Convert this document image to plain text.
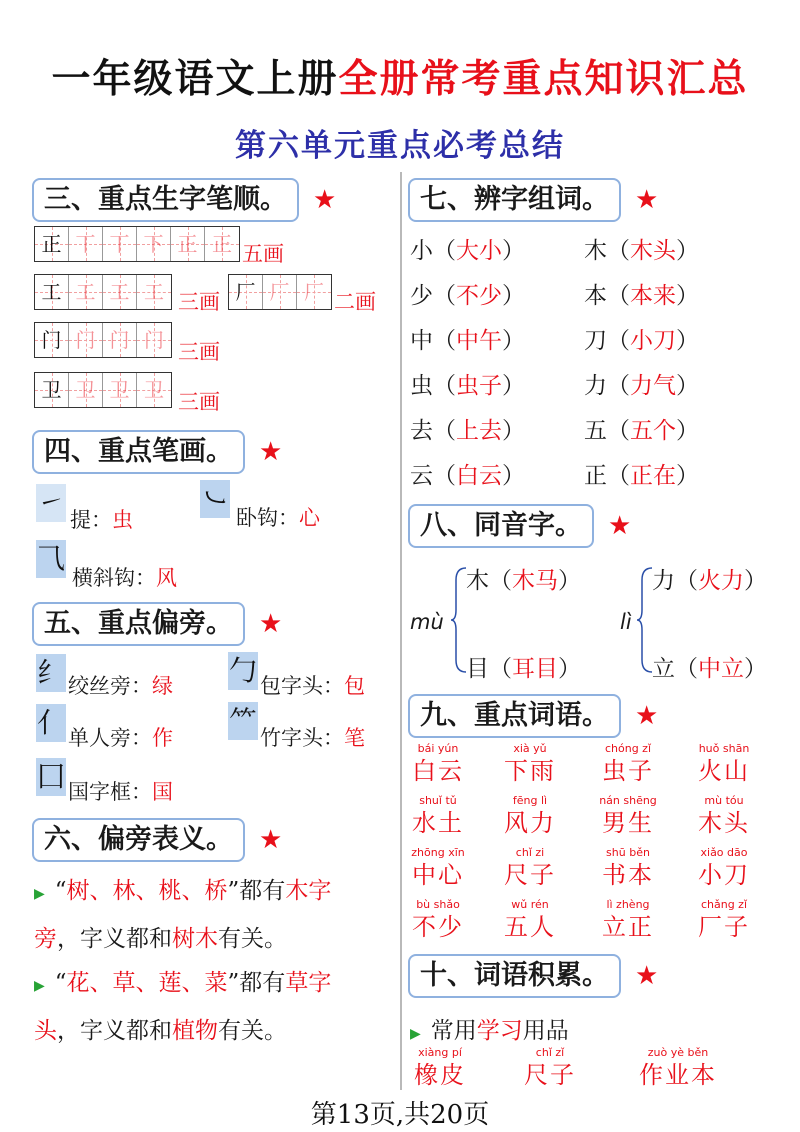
一年级语文上册全册常考重点知识汇总
第六单元重点必考总结
三、重点生字笔顺。	★
正 丅 丅 下 正 正 五画
工 工 工 工 三画 厂 厂 厂 二画
门 门 门 门 三画
卫 卫 卫 卫 三画
四、重点笔画。	★
㇀
提：虫
㇃
卧钩：心
⺄
横斜钩：风
五、重点偏旁。	★
纟 绞丝旁：绿 勹 包字头：包
亻 单人旁：作
⺮
竹字头：笔
囗 国字框：国
六、偏旁表义。	★
▶ “树、林、桃、桥”都有木字
旁，字义都和树木有关。
▶ “花、草、莲、菜”都有草字
头，字义都和植物有关。
七、辨字组词。	★
小（大小）	木（木头）
少（不少）	本（本来）
中（中午）	刀（小刀）
虫（虫子）	力（力气）
去（上去）	五（五个）
云（白云）	正（正在）
八、同音字。	★
mù
木（木马）
目（耳目）
lì
力（火力）
立（中立）
九、重点词语。	★
bái yún
白云
xià yǔ
下雨
chóng zǐ
虫子
huǒ shān
火山
shuǐ tǔ
水土
fēng lì
风力
nán shēng
男生
mù tóu
木头
zhōng xīn
中心
chǐ zi
尺子
shū běn
书本
xiǎo dāo
小刀
bù shǎo
不少
wǔ rén
五人
lì zhèng
立正
chǎng zǐ
厂子
十、词语积累。	★
▶ 常用学习用品
xiàng pí
橡皮
chǐ zǐ
尺子
zuò yè běn
作业本
第13页,共20页
